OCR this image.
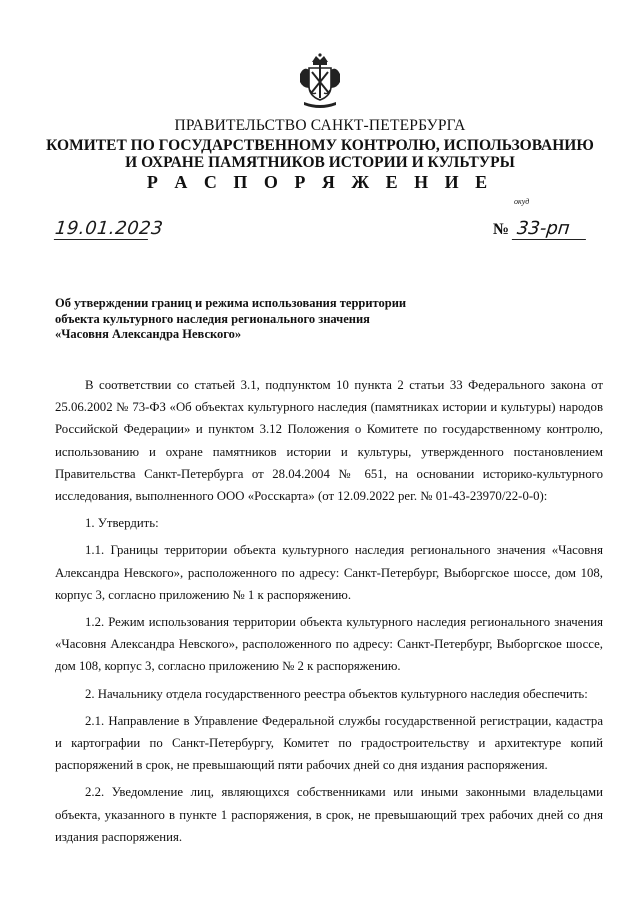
ПРАВИТЕЛЬСТВО САНКТ-ПЕТЕРБУРГА
КОМИТЕТ ПО ГОСУДАРСТВЕННОМУ КОНТРОЛЮ, ИСПОЛЬЗОВАНИЮ
И ОХРАНЕ ПАМЯТНИКОВ ИСТОРИИ И КУЛЬТУРЫ
Р А С П О Р Я Ж Е Н И Е
окуд
19.01.2023	№ 33-рп
Об утверждении границ и режима использования территории
объекта культурного наследия регионального значения
«Часовня Александра Невского»

В соответствии со статьей 3.1, подпунктом 10 пункта 2 статьи 33 Федерального закона от 25.06.2002 № 73-ФЗ «Об объектах культурного наследия (памятниках истории и культуры) народов Российской Федерации» и пунктом 3.12 Положения о Комитете по государственному контролю, использованию и охране памятников истории и культуры, утвержденного постановлением Правительства Санкт-Петербурга от 28.04.2004 № 651, на основании историко-культурного исследования, выполненного ООО «Росскарта» (от 12.09.2022 рег. № 01-43-23970/22-0-0):

1. Утвердить:

1.1. Границы территории объекта культурного наследия регионального значения «Часовня Александра Невского», расположенного по адресу: Санкт-Петербург, Выборгское шоссе, дом 108, корпус 3, согласно приложению № 1 к распоряжению.

1.2. Режим использования территории объекта культурного наследия регионального значения «Часовня Александра Невского», расположенного по адресу: Санкт-Петербург, Выборгское шоссе, дом 108, корпус 3, согласно приложению № 2 к распоряжению.

2. Начальнику отдела государственного реестра объектов культурного наследия обеспечить:

2.1. Направление в Управление Федеральной службы государственной регистрации, кадастра и картографии по Санкт-Петербургу, Комитет по градостроительству и архитектуре копий распоряжений в срок, не превышающий пяти рабочих дней со дня издания распоряжения.

2.2. Уведомление лиц, являющихся собственниками или иными законными владельцами объекта, указанного в пункте 1 распоряжения, в срок, не превышающий трех рабочих дней со дня издания распоряжения.
